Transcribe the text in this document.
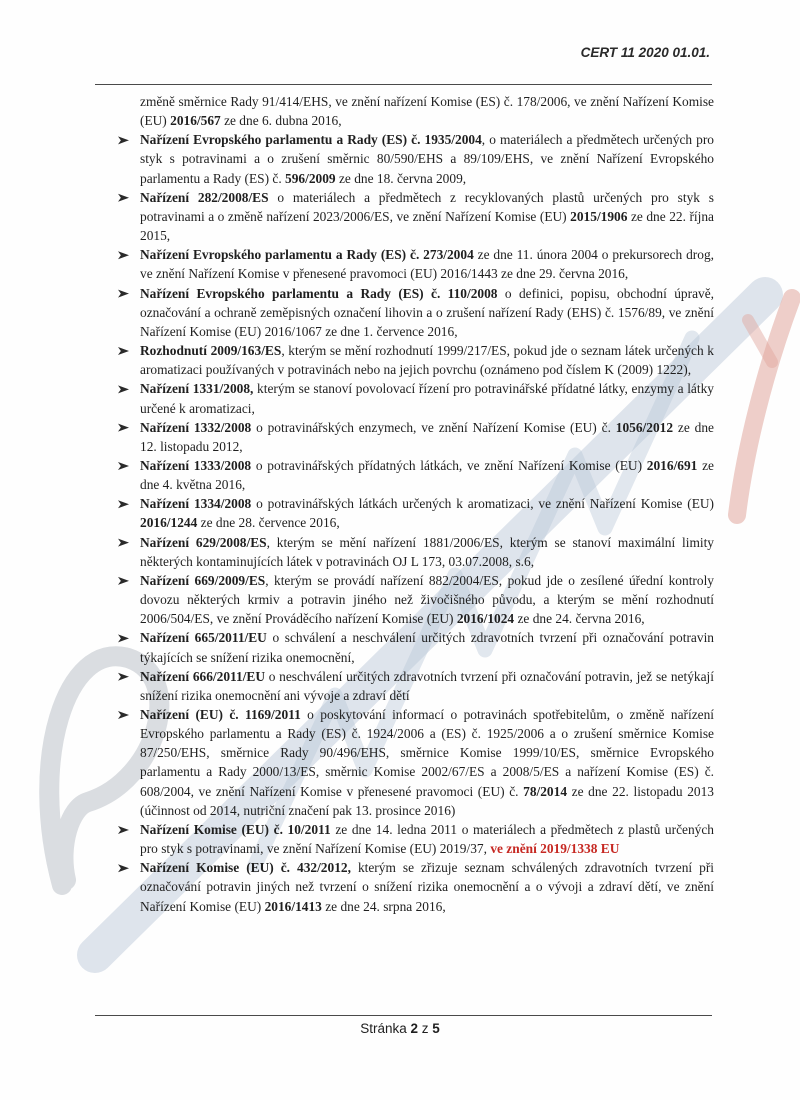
CERT 11 2020 01.01.
změně směrnice Rady 91/414/EHS, ve znění nařízení Komise (ES) č. 178/2006, ve znění Nařízení Komise (EU) 2016/567 ze dne 6. dubna 2016,
Nařízení Evropského parlamentu a Rady (ES) č. 1935/2004, o materiálech a předmětech určených pro styk s potravinami a o zrušení směrnic 80/590/EHS a 89/109/EHS, ve znění Nařízení Evropského parlamentu a Rady (ES) č. 596/2009 ze dne 18. června 2009,
Nařízení 282/2008/ES o materiálech a předmětech z recyklovaných plastů určených pro styk s potravinami a o změně nařízení 2023/2006/ES, ve znění Nařízení Komise (EU) 2015/1906 ze dne 22. října 2015,
Nařízení Evropského parlamentu a Rady (ES) č. 273/2004 ze dne 11. února 2004 o prekursorech drog, ve znění Nařízení Komise v přenesené pravomoci (EU) 2016/1443 ze dne 29. června 2016,
Nařízení Evropského parlamentu a Rady (ES) č. 110/2008 o definici, popisu, obchodní úpravě, označování a ochraně zeměpisných označení lihovin a o zrušení nařízení Rady (EHS) č. 1576/89, ve znění Nařízení Komise (EU) 2016/1067 ze dne 1. července 2016,
Rozhodnutí 2009/163/ES, kterým se mění rozhodnutí 1999/217/ES, pokud jde o seznam látek určených k aromatizaci používaných v potravinách nebo na jejich povrchu (oznámeno pod číslem K (2009) 1222),
Nařízení 1331/2008, kterým se stanoví povolovací řízení pro potravinářské přídatné látky, enzymy a látky určené k aromatizaci,
Nařízení 1332/2008 o potravinářských enzymech, ve znění Nařízení Komise (EU) č. 1056/2012 ze dne 12. listopadu 2012,
Nařízení 1333/2008 o potravinářských přídatných látkách, ve znění Nařízení Komise (EU) 2016/691 ze dne 4. května 2016,
Nařízení 1334/2008 o potravinářských látkách určených k aromatizaci, ve znění Nařízení Komise (EU) 2016/1244 ze dne 28. července 2016,
Nařízení 629/2008/ES, kterým se mění nařízení 1881/2006/ES, kterým se stanoví maximální limity některých kontaminujících látek v potravinách OJ L 173, 03.07.2008, s.6,
Nařízení 669/2009/ES, kterým se provádí nařízení 882/2004/ES, pokud jde o zesílené úřední kontroly dovozu některých krmiv a potravin jiného než živočišného původu, a kterým se mění rozhodnutí 2006/504/ES, ve znění Prováděcího nařízení Komise (EU) 2016/1024 ze dne 24. června 2016,
Nařízení 665/2011/EU o schválení a neschválení určitých zdravotních tvrzení při označování potravin týkajících se snížení rizika onemocnění,
Nařízení 666/2011/EU o neschválení určitých zdravotních tvrzení při označování potravin, jež se netýkají snížení rizika onemocnění ani vývoje a zdraví dětí
Nařízení (EU) č. 1169/2011 o poskytování informací o potravinách spotřebitelům, o změně nařízení Evropského parlamentu a Rady (ES) č. 1924/2006 a (ES) č. 1925/2006 a o zrušení směrnice Komise 87/250/EHS, směrnice Rady 90/496/EHS, směrnice Komise 1999/10/ES, směrnice Evropského parlamentu a Rady 2000/13/ES, směrnic Komise 2002/67/ES a 2008/5/ES a nařízení Komise (ES) č. 608/2004, ve znění Nařízení Komise v přenesené pravomoci (EU) č. 78/2014 ze dne 22. listopadu 2013 (účinnost od 2014, nutriční značení pak 13. prosince 2016)
Nařízení Komise (EU) č. 10/2011 ze dne 14. ledna 2011 o materiálech a předmětech z plastů určených pro styk s potravinami, ve znění Nařízení Komise (EU) 2019/37, ve znění 2019/1338 EU
Nařízení Komise (EU) č. 432/2012, kterým se zřizuje seznam schválených zdravotních tvrzení při označování potravin jiných než tvrzení o snížení rizika onemocnění a o vývoji a zdraví dětí, ve znění Nařízení Komise (EU) 2016/1413 ze dne 24. srpna 2016,
Stránka 2 z 5
